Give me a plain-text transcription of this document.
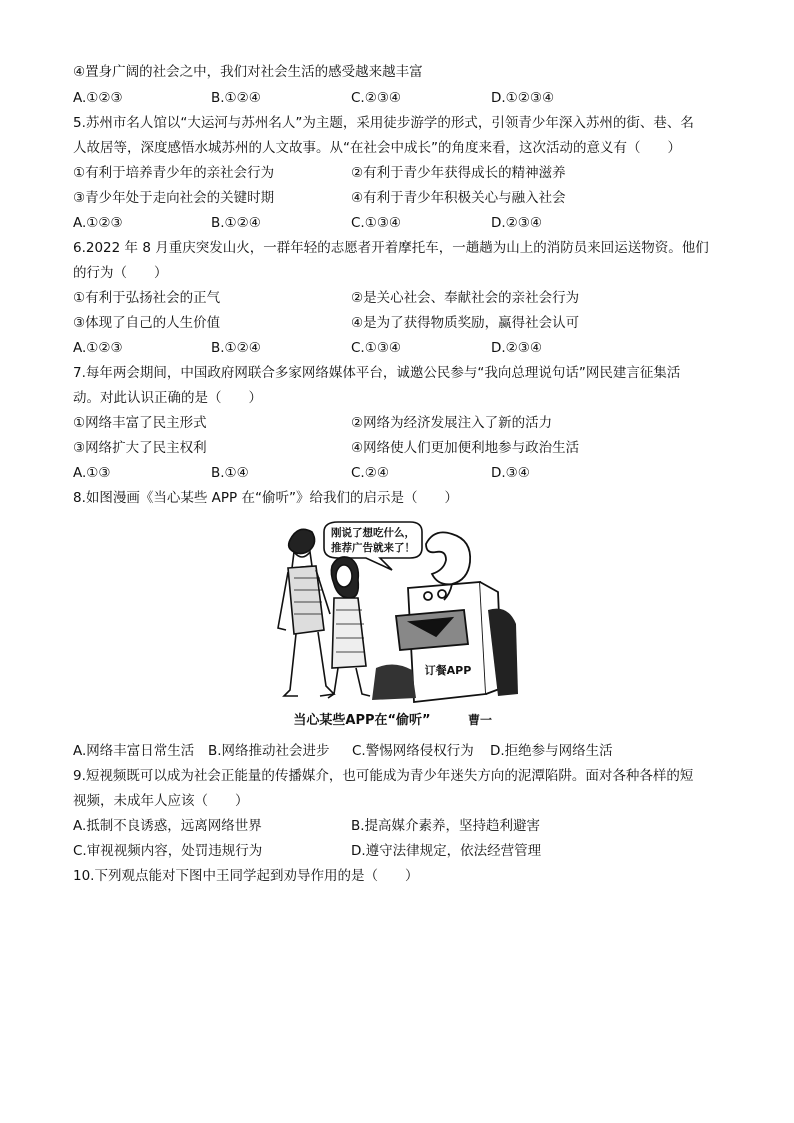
④置身广阔的社会之中，我们对社会生活的感受越来越丰富
A.①②③	B.①②④	C.②③④	D.①②③④
5.苏州市名人馆以“大运河与苏州名人”为主题，采用徒步游学的形式，引领青少年深入苏州的街、巷、名
人故居等，深度感悟水城苏州的人文故事。从“在社会中成长”的角度来看，这次活动的意义有（　　）
①有利于培养青少年的亲社会行为	②有利于青少年获得成长的精神滋养
③青少年处于走向社会的关键时期	④有利于青少年积极关心与融入社会
A.①②③	B.①②④	C.①③④	D.②③④
6.2022 年 8 月重庆突发山火，一群年轻的志愿者开着摩托车，一趟趟为山上的消防员来回运送物资。他们
的行为（　　）
①有利于弘扬社会的正气	②是关心社会、奉献社会的亲社会行为
③体现了自己的人生价值	④是为了获得物质奖励，赢得社会认可
A.①②③	B.①②④	C.①③④	D.②③④
7.每年两会期间，中国政府网联合多家网络媒体平台，诚邀公民参与“我向总理说句话”网民建言征集活
动。对此认识正确的是（　　）
①网络丰富了民主形式	②网络为经济发展注入了新的活力
③网络扩大了民主权利	④网络使人们更加便利地参与政治生活
A.①③	B.①④	C.②④	D.③④
8.如图漫画《当心某些 APP 在“偷听”》给我们的启示是（　　）
刚说了想吃什么，
推荐广告就来了！
订餐APP
当心某些APP在“偷听”	曹一
A.网络丰富日常生活 B.网络推动社会进步 C.警惕网络侵权行为 D.拒绝参与网络生活
9.短视频既可以成为社会正能量的传播媒介，也可能成为青少年迷失方向的泥潭陷阱。面对各种各样的短
视频，未成年人应该（　　）
A.抵制不良诱惑，远离网络世界	B.提高媒介素养，坚持趋利避害
C.审视视频内容，处罚违规行为	D.遵守法律规定，依法经营管理
10.下列观点能对下图中王同学起到劝导作用的是（　　）
